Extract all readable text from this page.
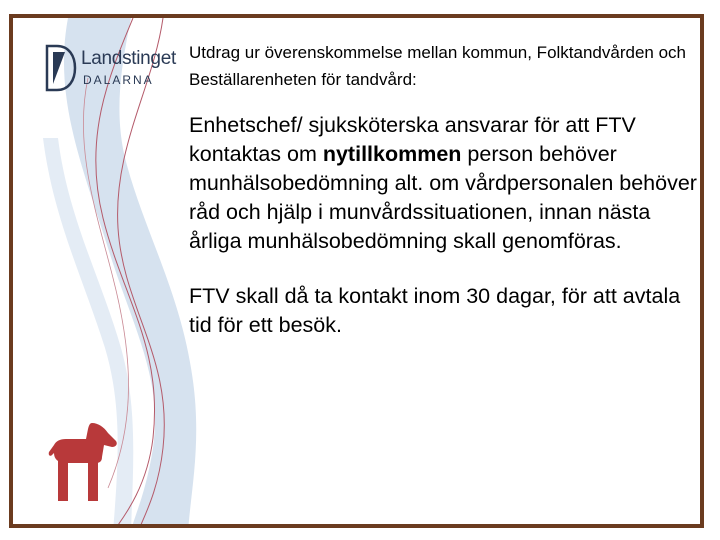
Landstinget
DALARNA

Utdrag ur överenskommelse mellan kommun, Folktandvården och Beställarenheten för tandvård:

Enhetschef/ sjuksköterska ansvarar för att FTV kontaktas om nytillkommen person behöver munhälsobedömning alt. om vårdpersonalen behöver råd och hjälp i munvårdssituationen, innan nästa årliga munhälsobedömning skall genomföras.

FTV skall då ta kontakt inom 30 dagar, för att avtala tid för ett besök.
